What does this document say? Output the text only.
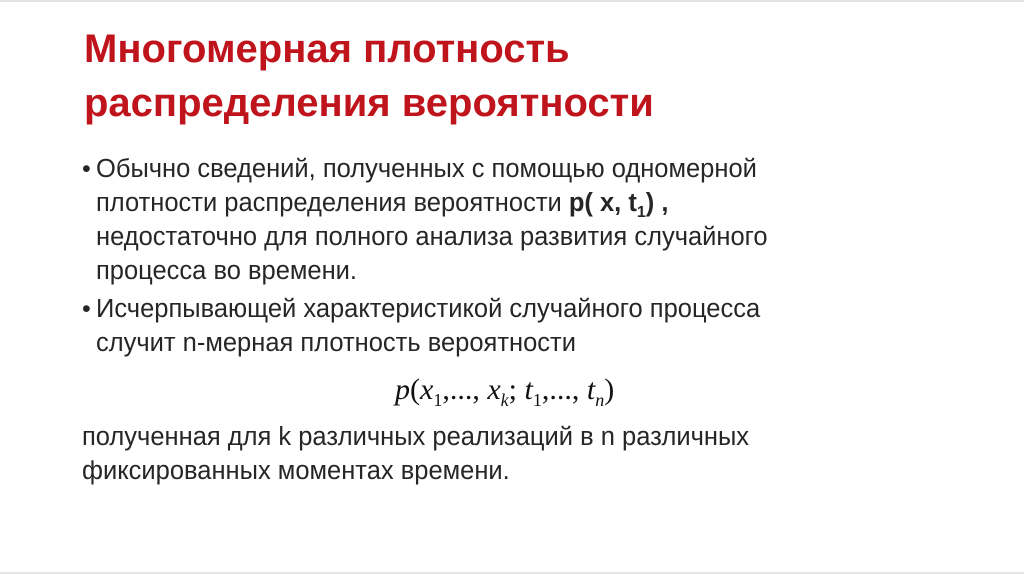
Многомерная плотность
распределения вероятности
• Обычно сведений, полученных с помощью одномерной
плотности распределения вероятности p( x, $t_1$) ,
недостаточно для полного анализа развития случайного
процесса во времени.
• Исчерпывающей характеристикой случайного процесса
случит n-мерная плотность вероятности
$p(x_1$,..., $x_k$; $t_1$,..., $t_n$)
полученная для k различных реализаций в n различных
фиксированных моментах времени.
